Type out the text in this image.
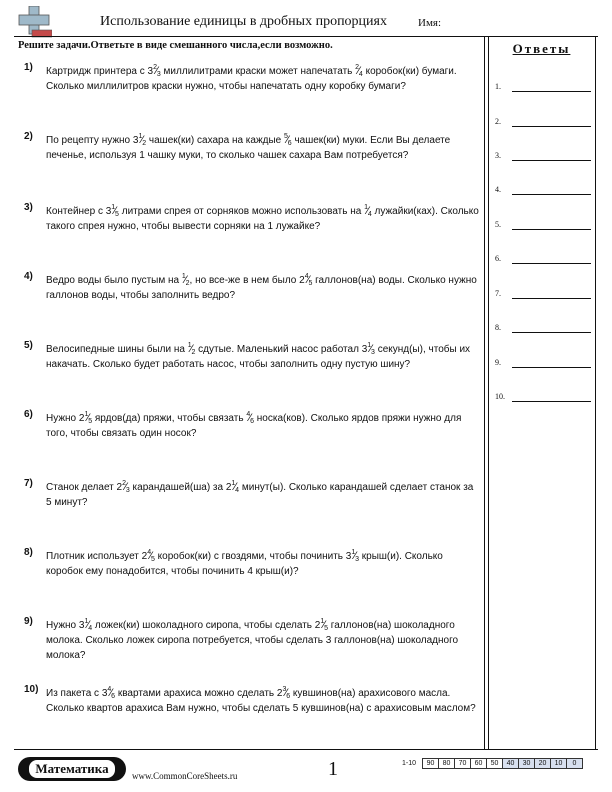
Использование единицы в дробных пропорциях	Имя:
Решите задачи.Ответьте в виде смешанного числа,если возможно.	Ответы
1.
2.
3.
4.
5.
6.
7.
8.
9.
10.
1) Картридж принтера с $3^2⁄_3$ миллилитрами краски может напечатать $^2⁄_4$ коробок(ки) бумаги. Сколько миллилитров краски нужно, чтобы напечатать одну коробку бумаги?
2) По рецепту нужно $3^1⁄_2$ чашек(ки) сахара на каждые $^5⁄_6$ чашек(ки) муки. Если Вы делаете печенье, используя 1 чашку муки, то сколько чашек сахара Вам потребуется?
3) Контейнер с $3^1⁄_5$ литрами спрея от сорняков можно использовать на $^1⁄_4$ лужайки(ках). Сколько такого спрея нужно, чтобы вывести сорняки на 1 лужайке?
4) Ведро воды было пустым на $^1⁄_2$, но все-же в нем было $2^4⁄_5$ галлонов(на) воды. Сколько нужно галлонов воды, чтобы заполнить ведро?
5) Велосипедные шины были на $^1⁄_2$ сдутые. Маленький насос работал $3^1⁄_3$ секунд(ы), чтобы их накачать. Сколько будет работать насос, чтобы заполнить одну пустую шину?
6) Нужно $2^1⁄_5$ ярдов(да) пряжи, чтобы связать $^4⁄_6$ носка(ков). Сколько ярдов пряжи нужно для того, чтобы связать один носок?
7) Станок делает $2^2⁄_3$ карандашей(ша) за $2^1⁄_4$ минут(ы). Сколько карандашей сделает станок за 5 минут?
8) Плотник использует $2^4⁄_5$ коробок(ки) с гвоздями, чтобы починить $3^1⁄_3$ крыш(и). Сколько коробок ему понадобится, чтобы починить 4 крыш(и)?
9) Нужно $3^1⁄_4$ ложек(ки) шоколадного сиропа, чтобы сделать $2^1⁄_5$ галлонов(на) шоколадного молока. Сколько ложек сиропа потребуется, чтобы сделать 3 галлонов(на) шоколадного молока?
10) Из пакета с $3^4⁄_6$ квартами арахиса можно сделать $2^3⁄_6$ кувшинов(на) арахисового масла. Сколько квартов арахиса Вам нужно, чтобы сделать 5 кувшинов(на) с арахисовым маслом?
Математика	www.CommonCoreSheets.ru	1	1-10	90	80	70	60	50	40	30	20	10	0
